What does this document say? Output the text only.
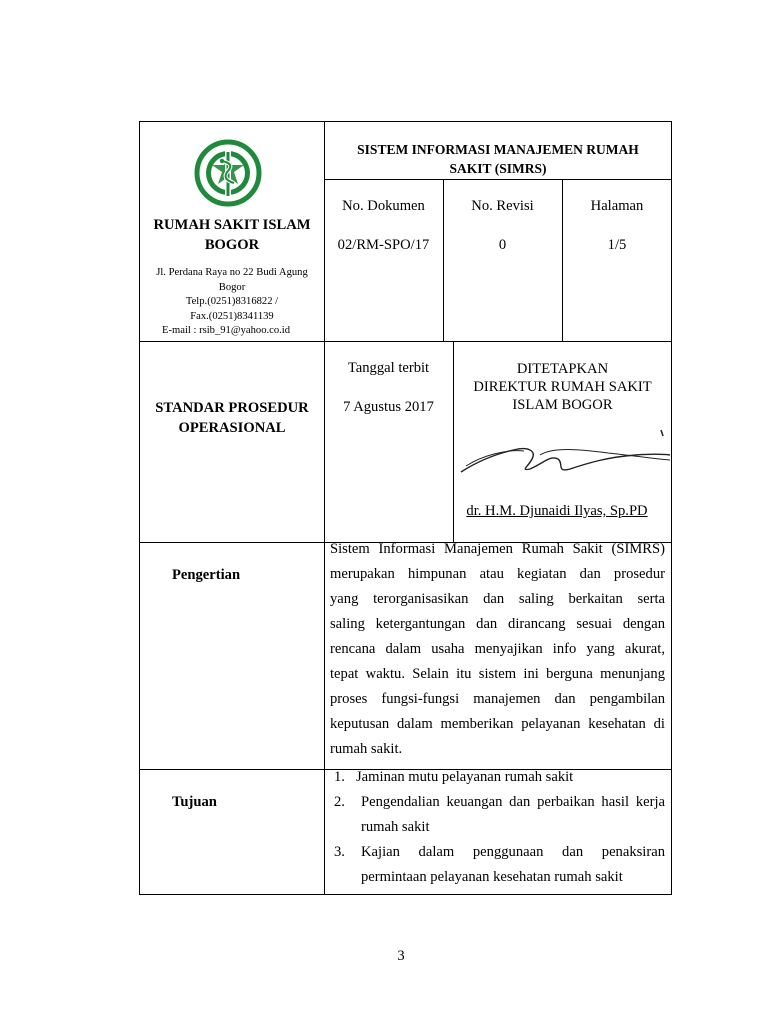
RUMAH SAKIT ISLAM
BOGOR
Jl. Perdana Raya no 22 Budi Agung
Bogor
Telp.(0251)8316822 /
Fax.(0251)8341139
E-mail : rsib_91@yahoo.co.id
SISTEM INFORMASI MANAJEMEN RUMAH
SAKIT (SIMRS)
No. Dokumen
02/RM-SPO/17
No. Revisi
0
Halaman
1/5
STANDAR PROSEDUR
OPERASIONAL
Tanggal terbit
7 Agustus 2017
DITETAPKAN
DIREKTUR RUMAH SAKIT
ISLAM BOGOR
dr. H.M. Djunaidi Ilyas, Sp.PD
Pengertian
Sistem Informasi Manajemen Rumah Sakit (SIMRS)
merupakan himpunan atau kegiatan dan prosedur
yang terorganisasikan dan saling berkaitan serta
saling ketergantungan dan dirancang sesuai dengan
rencana dalam usaha menyajikan info yang akurat,
tepat waktu. Selain itu sistem ini berguna menunjang
proses fungsi-fungsi manajemen dan pengambilan
keputusan dalam memberikan pelayanan kesehatan di
rumah sakit.
Tujuan
1. Jaminan mutu pelayanan rumah sakit
2. Pengendalian keuangan dan perbaikan hasil kerja
rumah sakit
3. Kajian dalam penggunaan dan penaksiran
permintaan pelayanan kesehatan rumah sakit
3
